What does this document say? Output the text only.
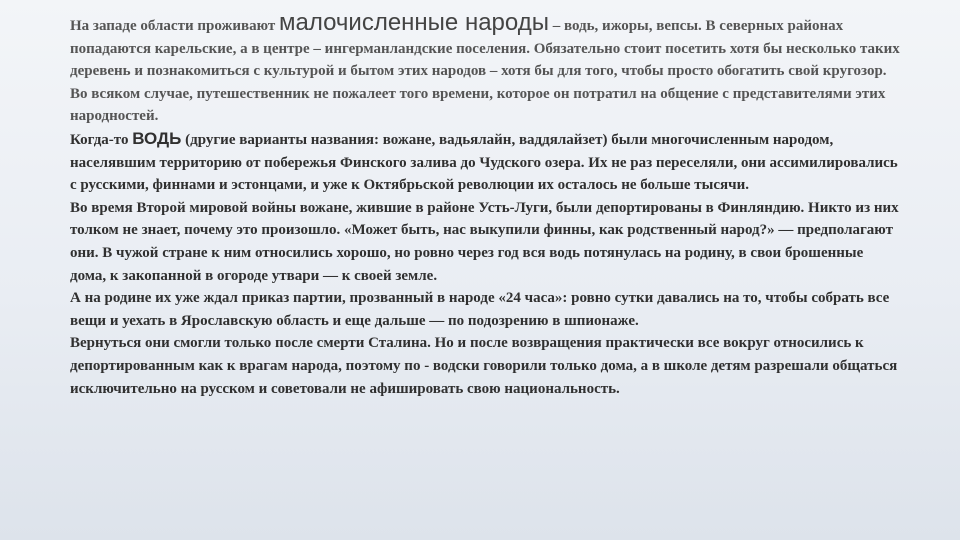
На западе области проживают малочисленные народы – водь, ижоры, вепсы. В северных районах попадаются карельские, а в центре – ингерманландские поселения. Обязательно стоит посетить хотя бы несколько таких деревень и познакомиться с культурой и бытом этих народов – хотя бы для того, чтобы просто обогатить свой кругозор. Во всяком случае, путешественник не пожалеет того времени, которое он потратил на общение с представителями этих народностей.

Когда-то ВОДЬ (другие варианты названия: вожане, вадьялайн, ваддялайзет) были многочисленным народом, населявшим территорию от побережья Финского залива до Чудского озера. Их не раз переселяли, они ассимилировались с русскими, финнами и эстонцами, и уже к Октябрьской революции их осталось не больше тысячи.

Во время Второй мировой войны вожане, жившие в районе Усть-Луги, были депортированы в Финляндию. Никто из них толком не знает, почему это произошло. «Может быть, нас выкупили финны, как родственный народ?» — предполагают они. В чужой стране к ним относились хорошо, но ровно через год вся водь потянулась на родину, в свои брошенные дома, к закопанной в огороде утвари — к своей земле.

А на родине их уже ждал приказ партии, прозванный в народе «24 часа»: ровно сутки давались на то, чтобы собрать все вещи и уехать в Ярославскую область и еще дальше — по подозрению в шпионаже.

Вернуться они смогли только после смерти Сталина. Но и после возвращения практически все вокруг относились к депортированным как к врагам народа, поэтому по - водски говорили только дома, а в школе детям разрешали общаться исключительно на русском и советовали не афишировать свою национальность.
